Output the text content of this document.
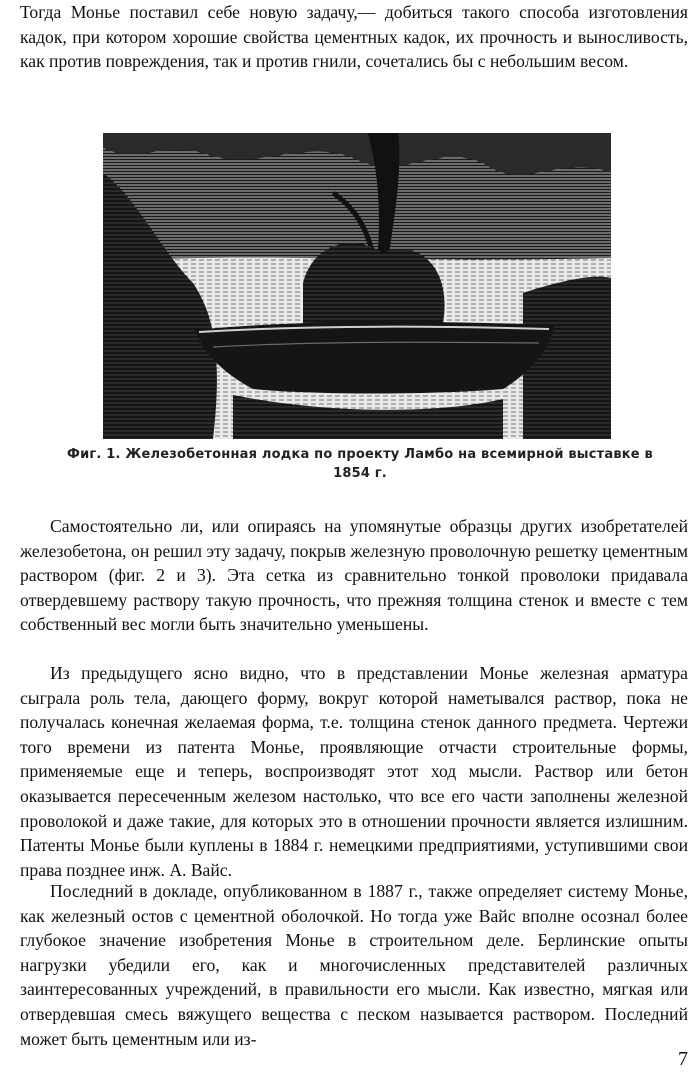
Тогда Монье поставил себе новую задачу,— добиться такого способа изготовления кадок, при котором хорошие свойства цементных кадок, их прочность и выносливость, как против повреждения, так и против гнили, сочетались бы с небольшим весом.

Фиг. 1. Железобетонная лодка по проекту Ламбо на всемирной выставке в 1854 г.

Самостоятельно ли, или опираясь на упомянутые образцы других изобретателей железобетона, он решил эту задачу, покрыв железную проволочную решетку цементным раствором (фиг. 2 и 3). Эта сетка из сравнительно тонкой проволоки придавала отвердевшему раствору такую прочность, что прежняя толщина стенок и вместе с тем собственный вес могли быть значительно уменьшены.

Из предыдущего ясно видно, что в представлении Монье железная арматура сыграла роль тела, дающего форму, вокруг которой наметывался раствор, пока не получалась конечная желаемая форма, т.е. толщина стенок данного предмета. Чертежи того времени из патента Монье, проявляющие отчасти строительные формы, применяемые еще и теперь, воспроизводят этот ход мысли. Раствор или бетон оказывается пересеченным железом настолько, что все его части заполнены железной проволокой и даже такие, для которых это в отношении прочности является излишним. Патенты Монье были куплены в 1884 г. немецкими предприятиями, уступившими свои права позднее инж. А. Вайс.

Последний в докладе, опубликованном в 1887 г., также определяет систему Монье, как железный остов с цементной оболочкой. Но тогда уже Вайс вполне осознал более глубокое значение изобретения Монье в строительном деле. Берлинские опыты нагрузки убедили его, как и многочисленных представителей различных заинтересованных учреждений, в правильности его мысли. Как известно, мягкая или отвердевшая смесь вяжущего вещества с песком называется раствором. Последний может быть цементным или из-

7
